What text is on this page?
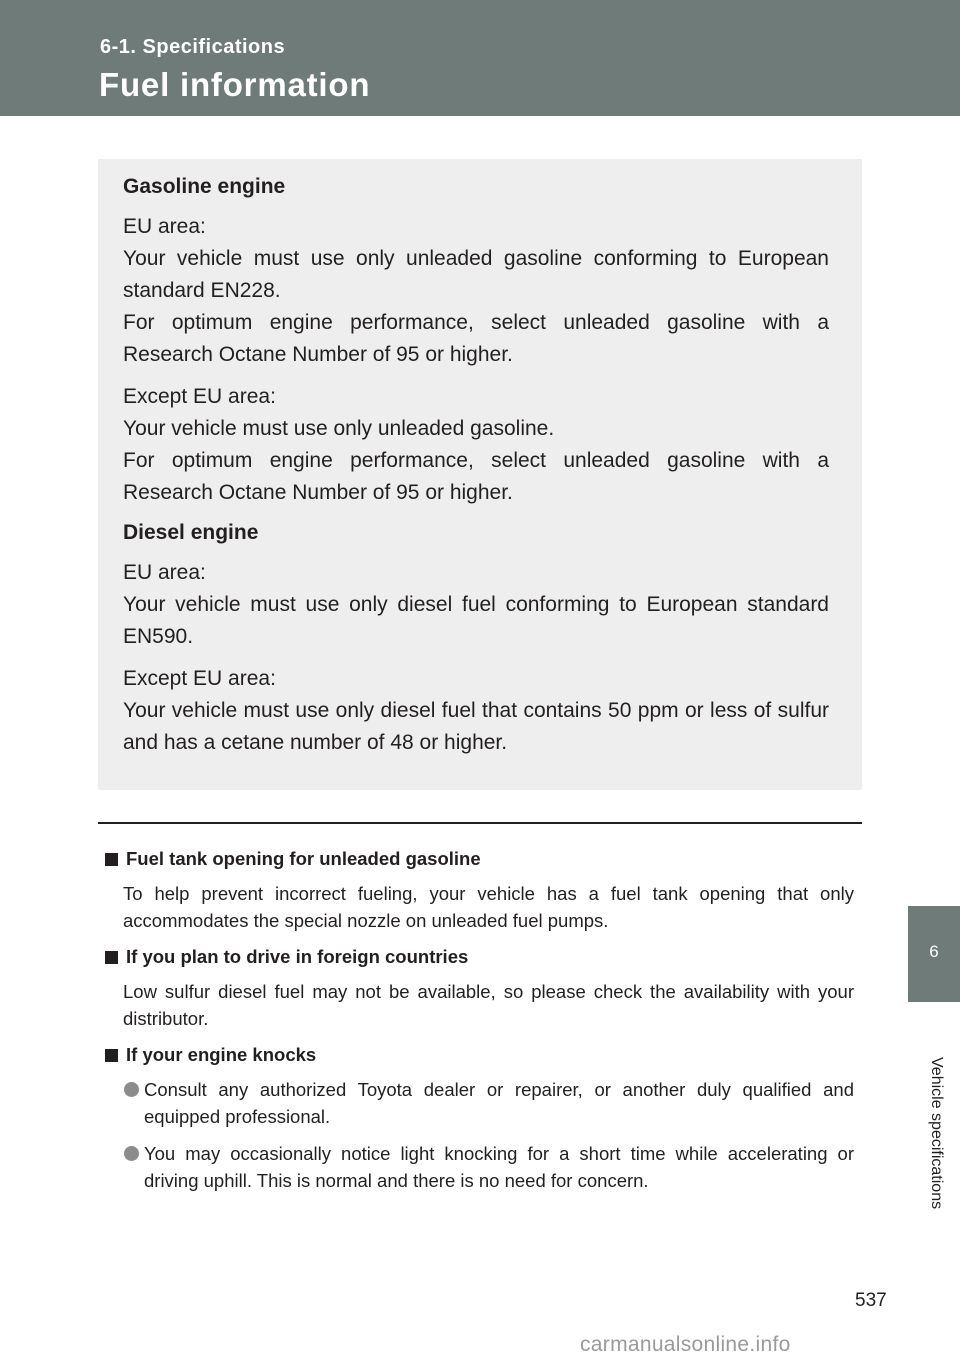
6-1. Specifications
Fuel information
6
Vehicle specifications

Gasoline engine

EU area:
Your vehicle must use only unleaded gasoline conforming to European standard EN228.
For optimum engine performance, select unleaded gasoline with a Research Octane Number of 95 or higher.

Except EU area:
Your vehicle must use only unleaded gasoline.
For optimum engine performance, select unleaded gasoline with a Research Octane Number of 95 or higher.

Diesel engine

EU area:
Your vehicle must use only diesel fuel conforming to European standard EN590.

Except EU area:
Your vehicle must use only diesel fuel that contains 50 ppm or less of sulfur and has a cetane number of 48 or higher.

Fuel tank opening for unleaded gasoline

To help prevent incorrect fueling, your vehicle has a fuel tank opening that only accommodates the special nozzle on unleaded fuel pumps.

If you plan to drive in foreign countries

Low sulfur diesel fuel may not be available, so please check the availability with your distributor.

If your engine knocks

Consult any authorized Toyota dealer or repairer, or another duly qualified and equipped professional.
You may occasionally notice light knocking for a short time while accelerating or driving uphill. This is normal and there is no need for concern.
537
carmanualsonline.info
